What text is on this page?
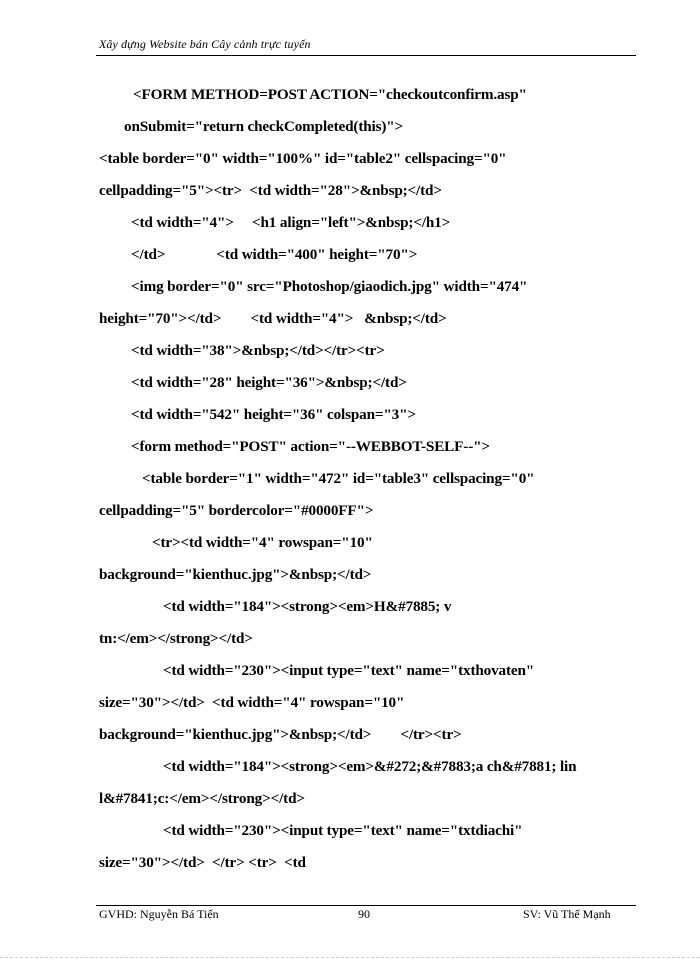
Xây dựng Website bán Cây cảnh trực tuyến
<FORM METHOD=POST ACTION="checkoutconfirm.asp"
onSubmit="return checkCompleted(this)">
<table border="0" width="100%" id="table2" cellspacing="0"
cellpadding="5"><tr>  <td width="28">&nbsp;</td>
<td width="4">     <h1 align="left">&nbsp;</h1>
</td>              <td width="400" height="70">
<img border="0" src="Photoshop/giaodich.jpg" width="474"
height="70"></td>        <td width="4">   &nbsp;</td>
<td width="38">&nbsp;</td></tr><tr>
<td width="28" height="36">&nbsp;</td>
<td width="542" height="36" colspan="3">
<form method="POST" action="--WEBBOT-SELF--">
<table border="1" width="472" id="table3" cellspacing="0"
cellpadding="5" bordercolor="#0000FF">
<tr><td width="4" rowspan="10"
background="kienthuc.jpg">&nbsp;</td>
<td width="184"><strong><em>H&#7885; v
tn:</em></strong></td>
<td width="230"><input type="text" name="txthovaten"
size="30"></td>  <td width="4" rowspan="10"
background="kienthuc.jpg">&nbsp;</td>        </tr><tr>
<td width="184"><strong><em>&#272;&#7883;a ch&#7881; lin
l&#7841;c:</em></strong></td>
<td width="230"><input type="text" name="txtdiachi"
size="30"></td>  </tr> <tr>  <td
GVHD: Nguyễn Bá Tiến	90	SV: Vũ Thế Mạnh
